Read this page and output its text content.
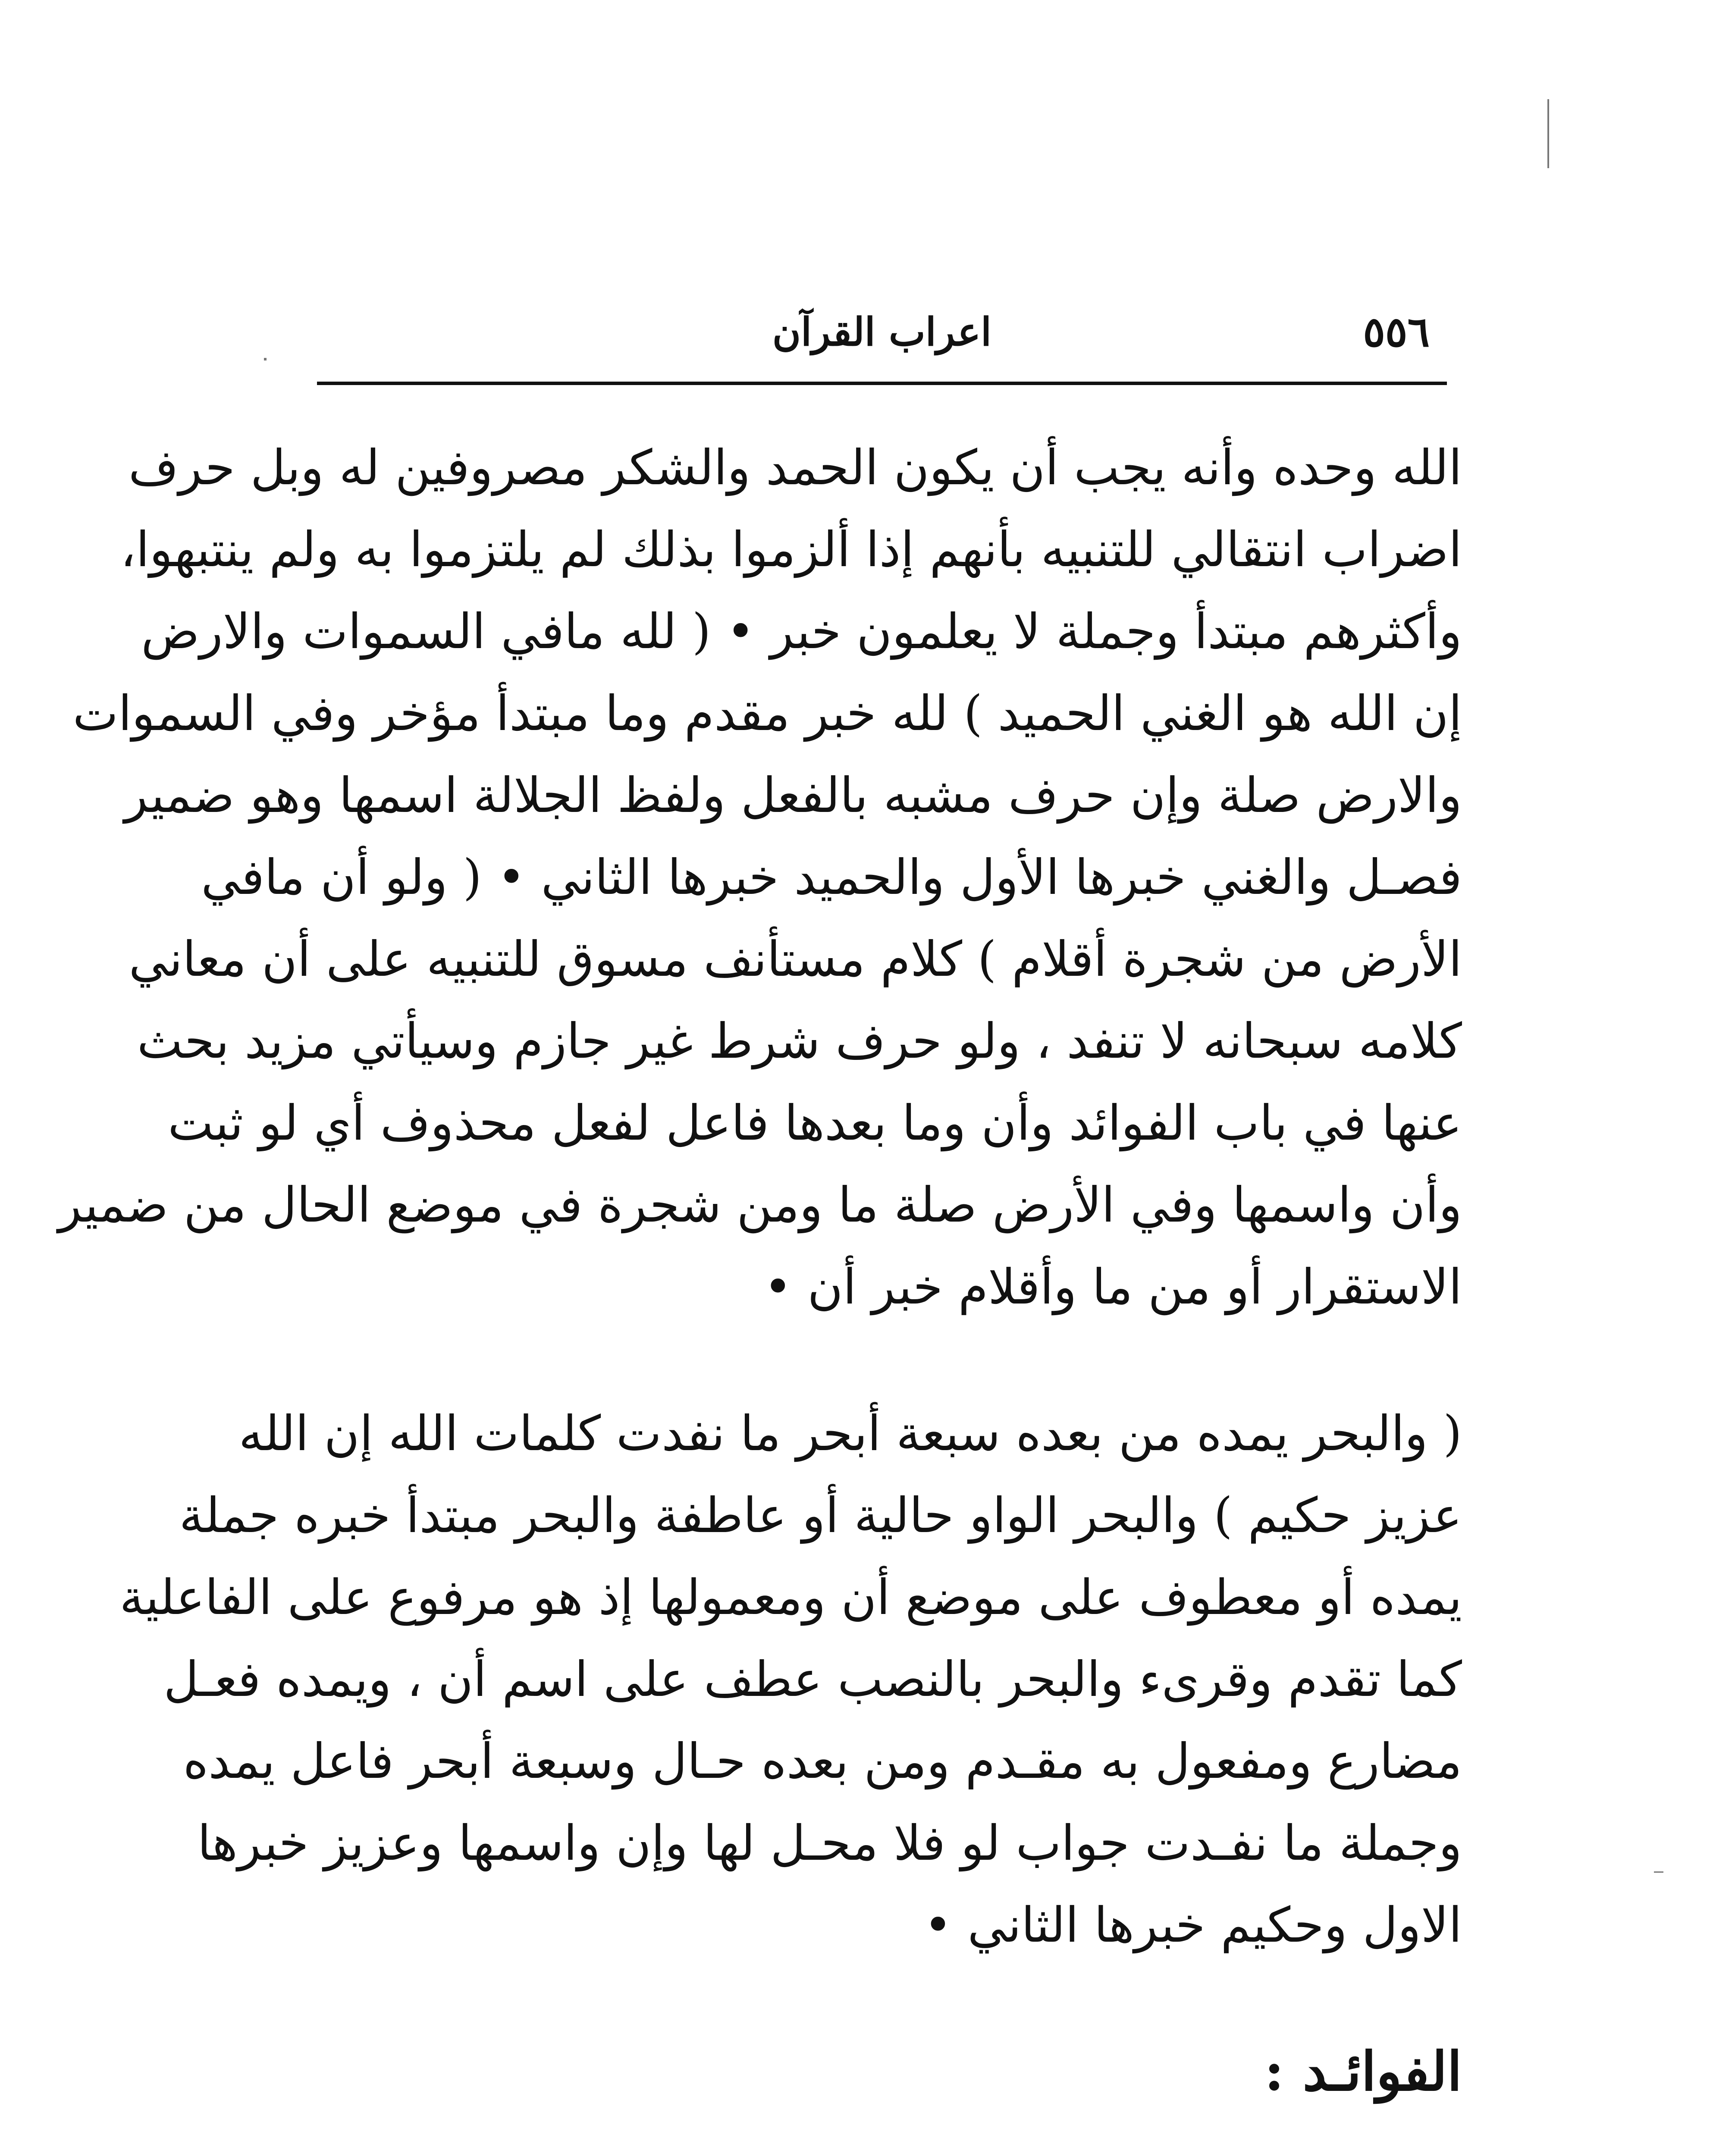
٥٥٦
اعراب القرآن
الله وحده وأنه يجب أن يكون الحمد والشكر مصروفين له وبل حرف
اضراب انتقالي للتنبيه بأنهم إذا ألزموا بذلك لم يلتزموا به ولم ينتبهوا،
وأكثرهم مبتدأ وجملة لا يعلمون خبر • ( لله مافي السموات والارض
إن الله هو الغني الحميد ) لله خبر مقدم وما مبتدأ مؤخر وفي السموات
والارض صلة وإن حرف مشبه بالفعل ولفظ الجلالة اسمها وهو ضمير
فصـل والغني خبرها الأول والحميد خبرها الثاني • ( ولو أن مافي
الأرض من شجرة أقلام ) كلام مستأنف مسوق للتنبيه على أن معاني
كلامه سبحانه لا تنفد ، ولو حرف شرط غير جازم وسيأتي مزيد بحث
عنها في باب الفوائد وأن وما بعدها فاعل لفعل محذوف أي لو ثبت
وأن واسمها وفي الأرض صلة ما ومن شجرة في موضع الحال من ضمير
الاستقرار أو من ما وأقلام خبر أن •
( والبحر يمده من بعده سبعة أبحر ما نفدت كلمات الله إن الله
عزيز حكيم ) والبحر الواو حالية أو عاطفة والبحر مبتدأ خبره جملة
يمده أو معطوف على موضع أن ومعمولها إذ هو مرفوع على الفاعلية
كما تقدم وقرىء والبحر بالنصب عطف على اسم أن ، ويمده فعـل
مضارع ومفعول به مقـدم ومن بعده حـال وسبعة أبحر فاعل يمده
وجملة ما نفـدت جواب لو فلا محـل لها وإن واسمها وعزيز خبرها
الاول وحكيم خبرها الثاني •
الفوائـد :
